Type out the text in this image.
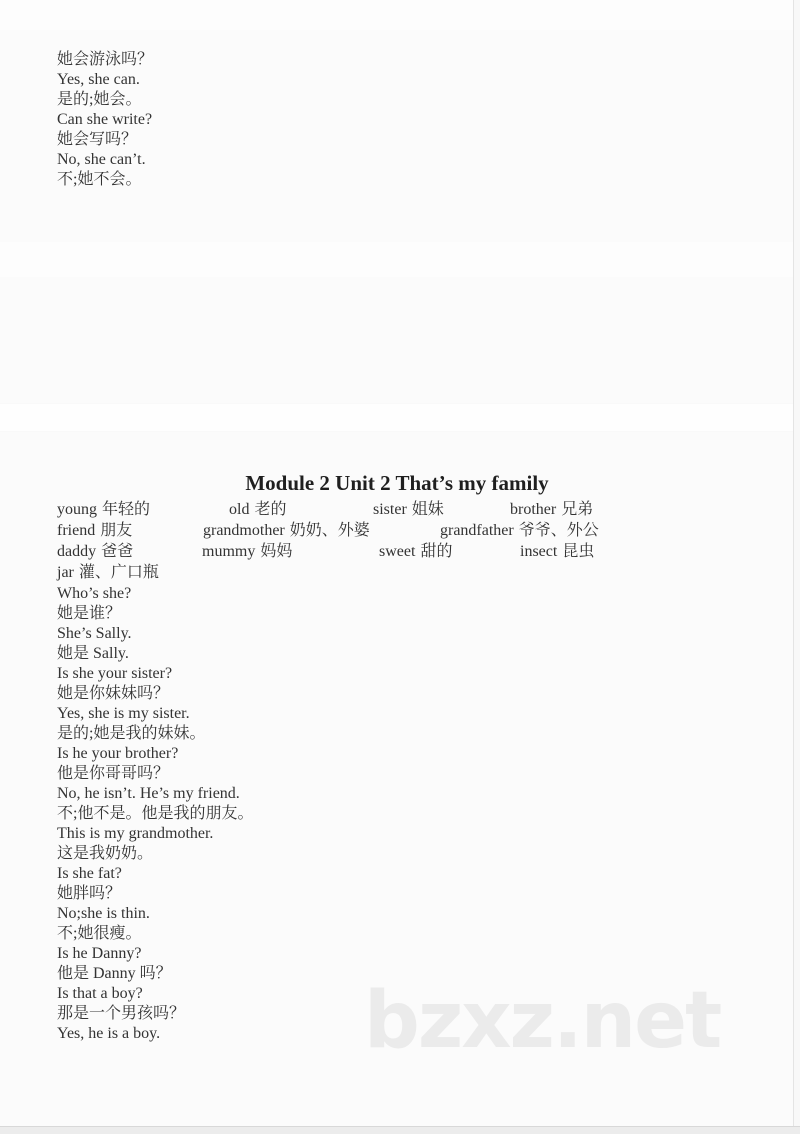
她会游泳吗？
Yes, she can.
是的;她会。
Can she write?
她会写吗？
No, she can’t.
不;她不会。
Module 2 Unit 2 That’s my family
young 年轻的	old 老的	sister 姐妹	brother 兄弟
friend 朋友	grandmother 奶奶、外婆	grandfather 爷爷、外公
daddy 爸爸	mummy 妈妈	sweet 甜的	insect 昆虫
jar 灌、广口瓶
Who’s she?
她是谁？
She’s Sally.
她是 Sally.
Is she your sister?
她是你妹妹吗？
Yes, she is my sister.
是的;她是我的妹妹。
Is he your brother?
他是你哥哥吗？
No, he isn’t. He’s my friend.
不;他不是。他是我的朋友。
This is my grandmother.
这是我奶奶。
Is she fat?
她胖吗？
No;she is thin.
不;她很瘦。
Is he Danny?
他是 Danny 吗？
Is that a boy?
那是一个男孩吗？
Yes, he is a boy.	bzxz.net
